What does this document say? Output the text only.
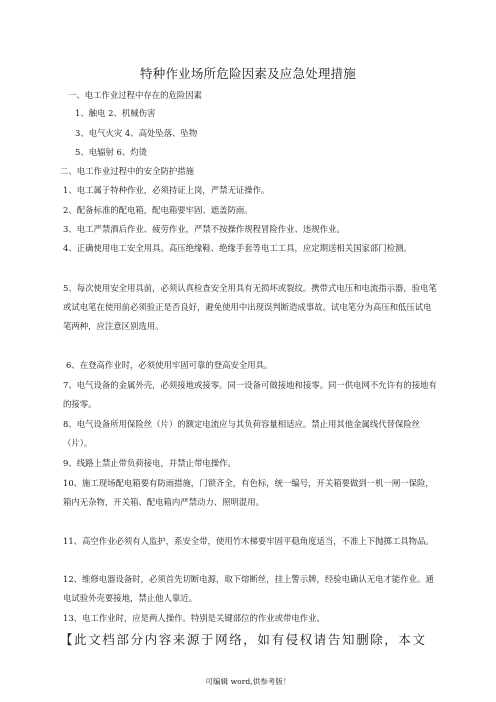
特种作业场所危险因素及应急处理措施
一、电工作业过程中存在的危险因素
1、触电 2、机械伤害
3、电气火灾 4、高处坠落、坠物
5、电辐射 6、灼烫
二、电工作业过程中的安全防护措施
1、电工属于特种作业，必须持证上岗，严禁无证操作。
2、配备标准的配电箱，配电箱要牢固、遮盖防雨。
3、电工严禁酒后作业、疲劳作业，严禁不按操作规程冒险作业、违规作业。
4、正确使用电工安全用具。高压绝缘鞋、绝缘手套等电工工具，应定期送相关国家部门检测。
5、每次使用安全用具前，必须认真检查安全用具有无损坏或裂纹。携带式电压和电流指示器，验电笔或试电笔在使用前必须验正是否良好，避免使用中出现误判断造成事故。试电笔分为高压和低压试电笔两种，应注意区别选用。
6、在登高作业时，必须使用牢固可靠的登高安全用具。
7、电气设备的金属外壳，必须接地或接零。同一设备可做接地和接零。同一供电网不允许有的接地有的接零。
8、电气设备所用保险丝（片）的额定电流应与其负荷容量相适应。禁止用其他金属线代替保险丝（片）。
9、线路上禁止带负荷接电，并禁止带电操作。
10、施工现场配电箱要有防雨措施，门锁齐全，有色标，统一编号，开关箱要做到一机一闸一保险，箱内无杂物，开关箱、配电箱内严禁动力、照明混用。
11、高空作业必须有人监护，系安全带，使用竹木梯要牢固平稳角度适当，不准上下抛掷工具物品。
12、维修电器设备时，必须首先切断电源，取下熔断丝，挂上警示牌，经验电确认无电才能作业。通电试验外壳要接地，禁止他人靠近。
13、电工作业时，应是两人操作。特别是关键部位的作业或带电作业。
【此文档部分内容来源于网络，如有侵权请告知删除，本文
可编辑 word,供参考版！
